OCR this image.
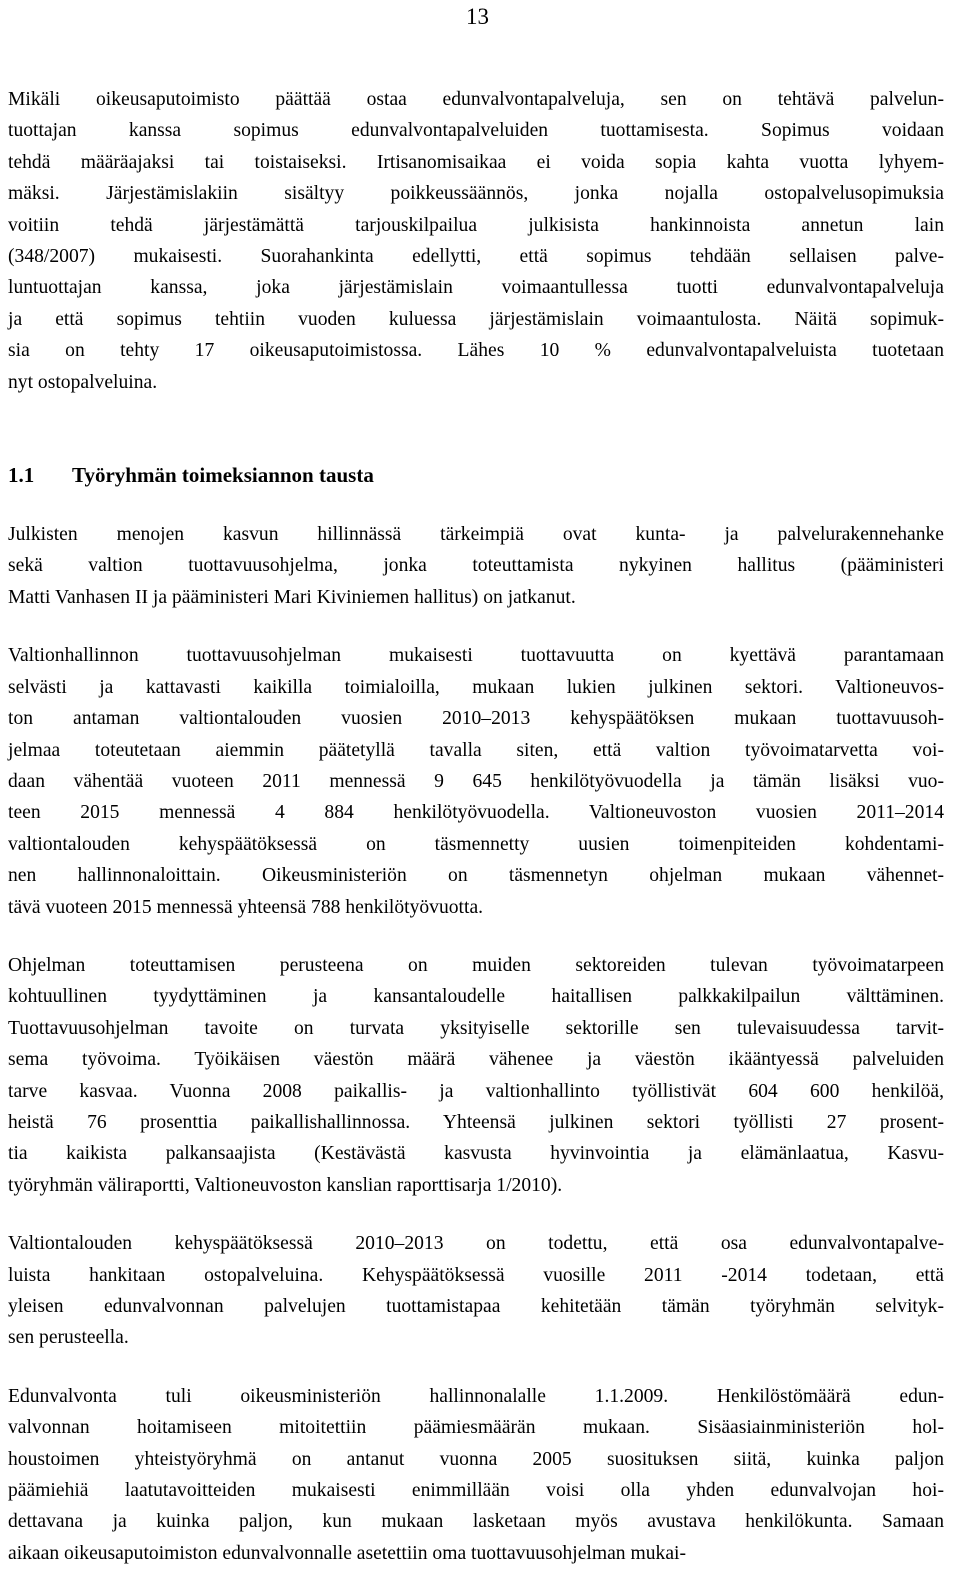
13
Mikäli oikeusaputoimisto päättää ostaa edunvalvontapalveluja, sen on tehtävä palvelun-
tuottajan kanssa sopimus edunvalvontapalveluiden tuottamisesta. Sopimus voidaan
tehdä määräajaksi tai toistaiseksi. Irtisanomisaikaa ei voida sopia kahta vuotta lyhyem-
mäksi. Järjestämislakiin sisältyy poikkeussäännös, jonka nojalla ostopalvelusopimuksia
voitiin tehdä järjestämättä tarjouskilpailua julkisista hankinnoista annetun lain
(348/2007) mukaisesti. Suorahankinta edellytti, että sopimus tehdään sellaisen palve-
luntuottajan kanssa, joka järjestämislain voimaantullessa tuotti edunvalvontapalveluja
ja että sopimus tehtiin vuoden kuluessa järjestämislain voimaantulosta. Näitä sopimuk-
sia on tehty 17 oikeusaputoimistossa. Lähes 10 % edunvalvontapalveluista tuotetaan
nyt ostopalveluina.
1.1	Työryhmän toimeksiannon tausta
Julkisten menojen kasvun hillinnässä tärkeimpiä ovat kunta- ja palvelurakennehanke
sekä valtion tuottavuusohjelma, jonka toteuttamista nykyinen hallitus (pääministeri
Matti Vanhasen II ja pääministeri Mari Kiviniemen hallitus) on jatkanut.
Valtionhallinnon tuottavuusohjelman mukaisesti tuottavuutta on kyettävä parantamaan
selvästi ja kattavasti kaikilla toimialoilla, mukaan lukien julkinen sektori. Valtioneuvos-
ton antaman valtiontalouden vuosien 2010–2013 kehyspäätöksen mukaan tuottavuusoh-
jelmaa toteutetaan aiemmin päätetyllä tavalla siten, että valtion työvoimatarvetta voi-
daan vähentää vuoteen 2011 mennessä 9 645 henkilötyövuodella ja tämän lisäksi vuo-
teen 2015 mennessä 4 884 henkilötyövuodella. Valtioneuvoston vuosien 2011–2014
valtiontalouden kehyspäätöksessä on täsmennetty uusien toimenpiteiden kohdentami-
nen hallinnonaloittain. Oikeusministeriön on täsmennetyn ohjelman mukaan vähennet-
tävä vuoteen 2015 mennessä yhteensä 788 henkilötyövuotta.
Ohjelman toteuttamisen perusteena on muiden sektoreiden tulevan työvoimatarpeen
kohtuullinen tyydyttäminen ja kansantaloudelle haitallisen palkkakilpailun välttäminen.
Tuottavuusohjelman tavoite on turvata yksityiselle sektorille sen tulevaisuudessa tarvit-
sema työvoima. Työikäisen väestön määrä vähenee ja väestön ikääntyessä palveluiden
tarve kasvaa. Vuonna 2008 paikallis- ja valtionhallinto työllistivät 604 600 henkilöä,
heistä 76 prosenttia paikallishallinnossa. Yhteensä julkinen sektori työllisti 27 prosent-
tia kaikista palkansaajista (Kestävästä kasvusta hyvinvointia ja elämänlaatua, Kasvu-
työryhmän väliraportti, Valtioneuvoston kanslian raporttisarja 1/2010).
Valtiontalouden kehyspäätöksessä 2010–2013 on todettu, että osa edunvalvontapalve-
luista hankitaan ostopalveluina. Kehyspäätöksessä vuosille 2011 -2014 todetaan, että
yleisen edunvalvonnan palvelujen tuottamistapaa kehitetään tämän työryhmän selvityk-
sen perusteella.
Edunvalvonta tuli oikeusministeriön hallinnonalalle 1.1.2009. Henkilöstömäärä edun-
valvonnan hoitamiseen mitoitettiin päämiesmäärän mukaan. Sisäasiainministeriön hol-
houstoimen yhteistyöryhmä on antanut vuonna 2005 suosituksen siitä, kuinka paljon
päämiehiä laatutavoitteiden mukaisesti enimmillään voisi olla yhden edunvalvojan hoi-
dettavana ja kuinka paljon, kun mukaan lasketaan myös avustava henkilökunta. Samaan
aikaan oikeusaputoimiston edunvalvonnalle asetettiin oma tuottavuusohjelman mukai-
